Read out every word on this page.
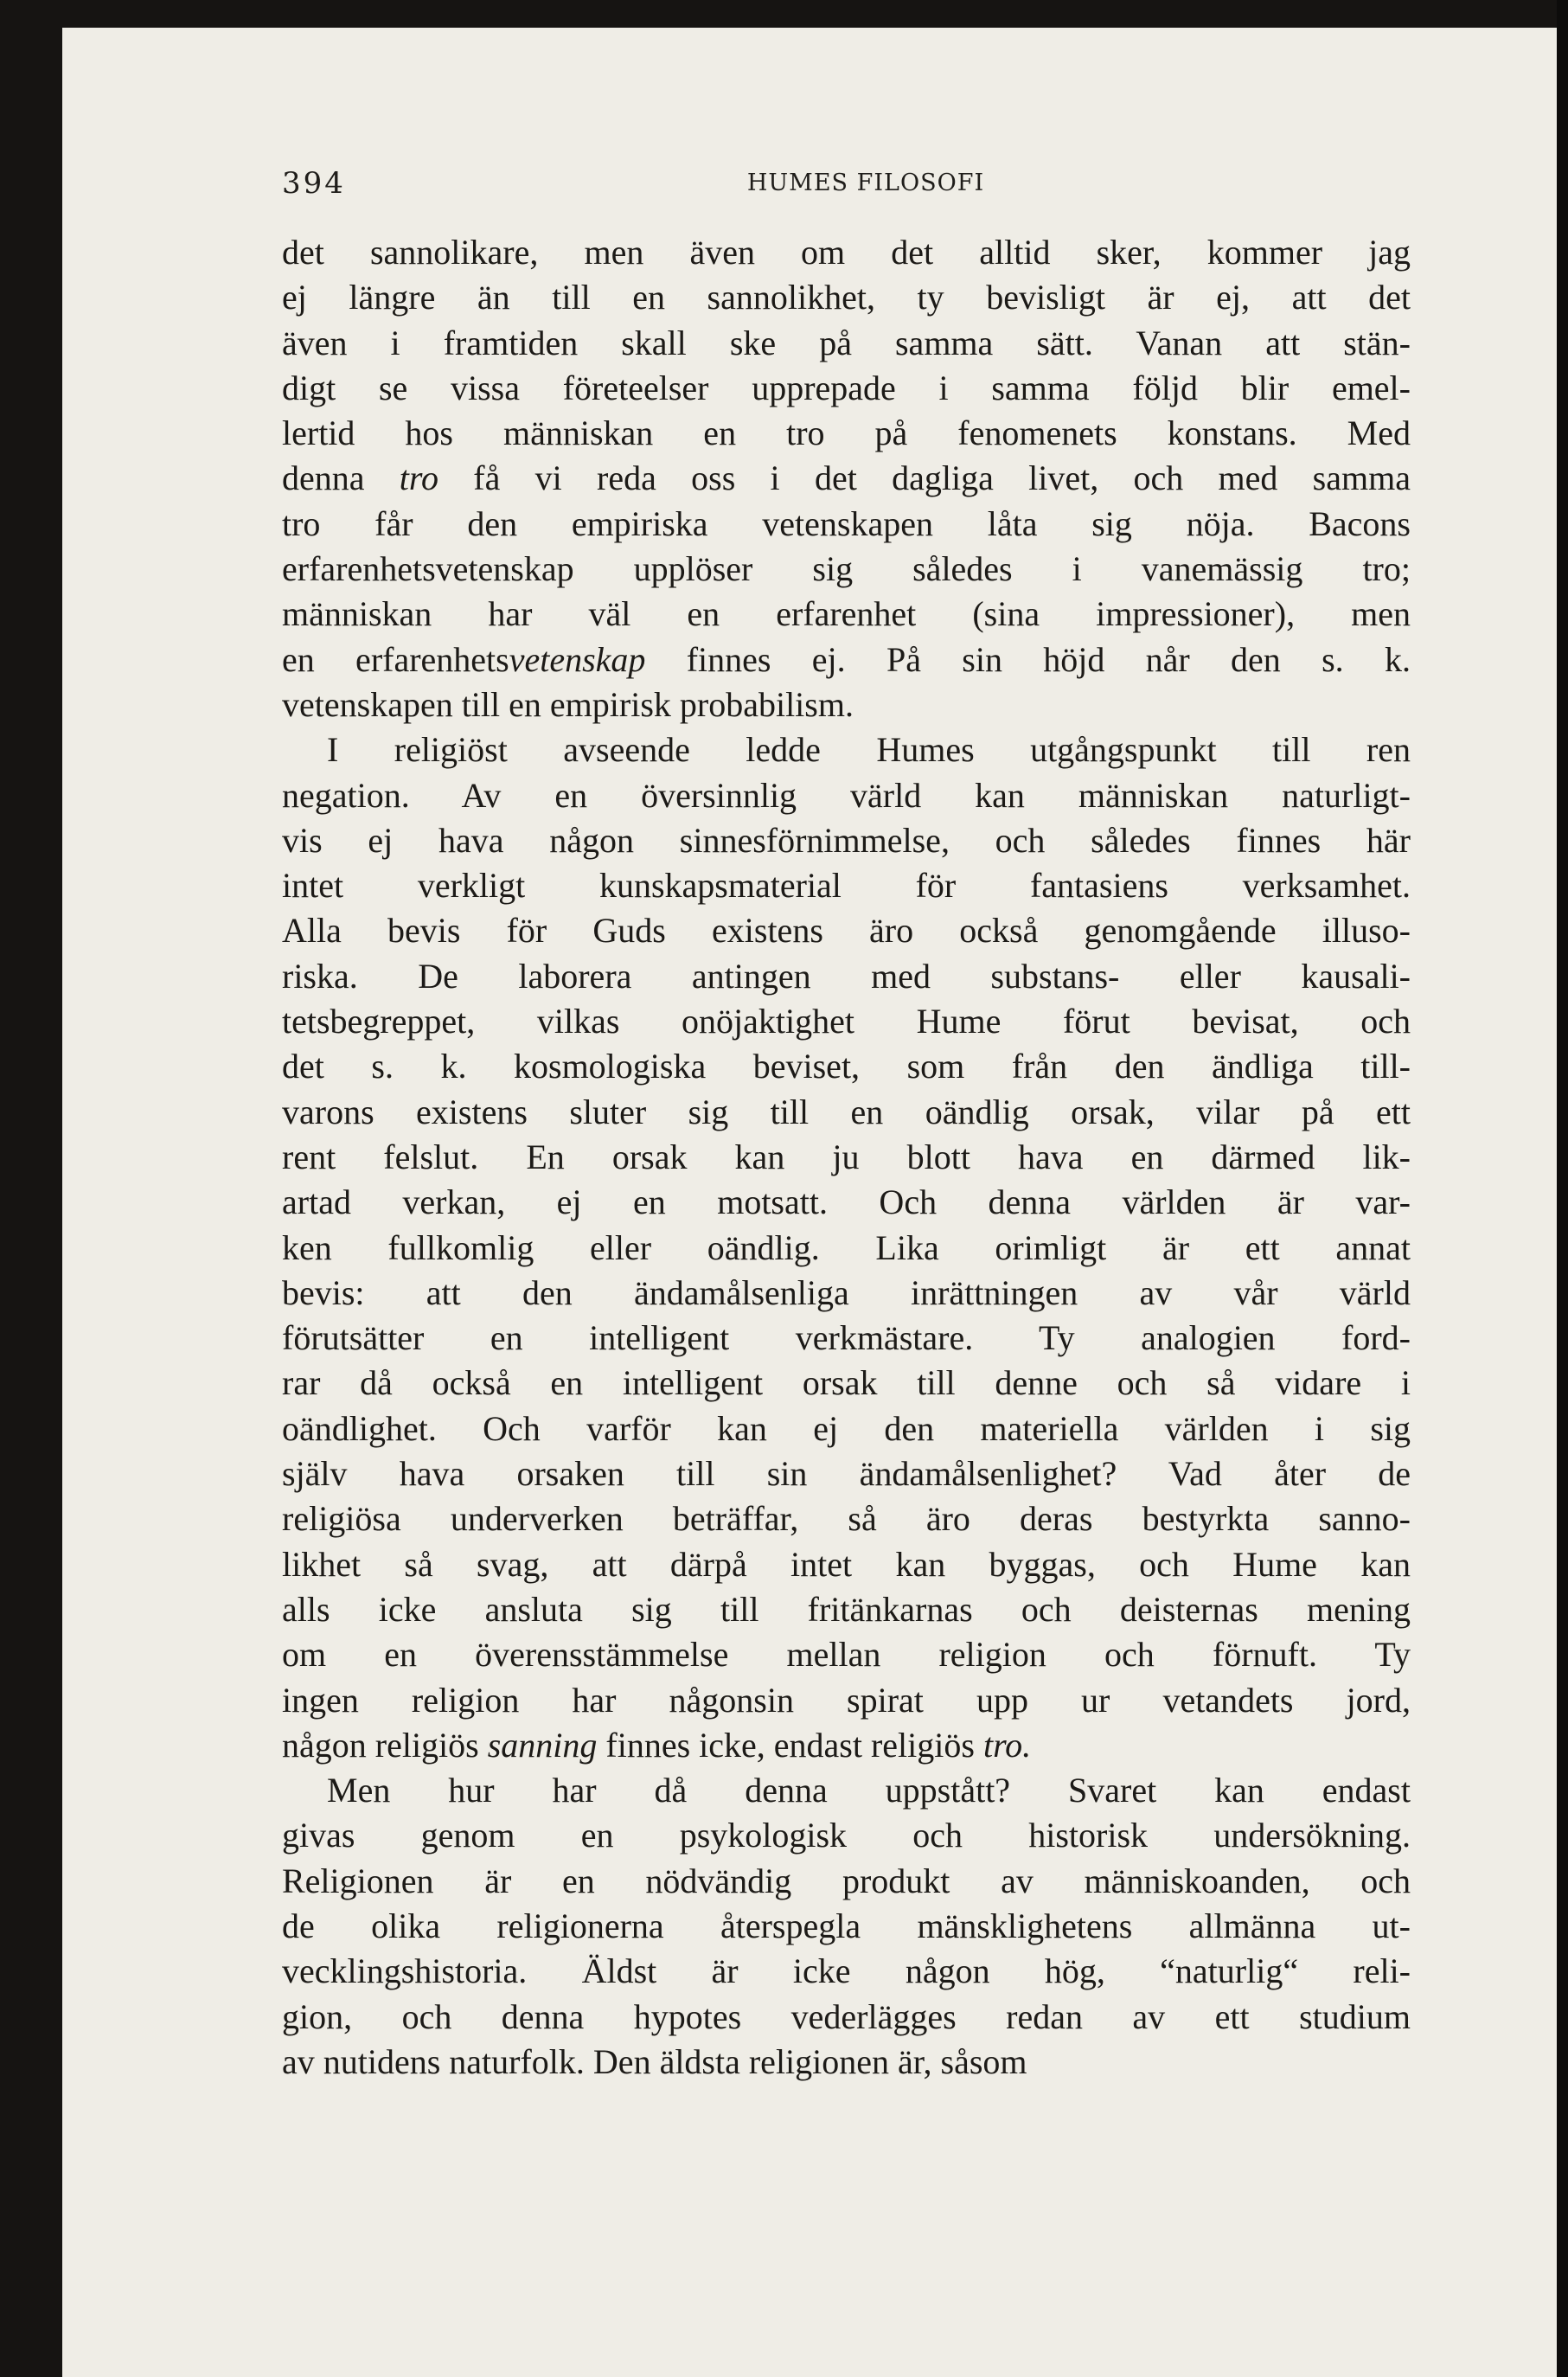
394	HUMES FILOSOFI
det sannolikare, men även om det alltid sker, kommer jag
ej längre än till en sannolikhet, ty bevisligt är ej, att det
även i framtiden skall ske på samma sätt. Vanan att stän-
digt se vissa företeelser upprepade i samma följd blir emel-
lertid hos människan en tro på fenomenets konstans. Med
denna tro få vi reda oss i det dagliga livet, och med samma
tro får den empiriska vetenskapen låta sig nöja. Bacons
erfarenhetsvetenskap upplöser sig således i vanemässig tro;
människan har väl en erfarenhet (sina impressioner), men
en erfarenhetsvetenskap finnes ej. På sin höjd når den s. k.
vetenskapen till en empirisk probabilism.
I religiöst avseende ledde Humes utgångspunkt till ren
negation. Av en översinnlig värld kan människan naturligt-
vis ej hava någon sinnesförnimmelse, och således finnes här
intet verkligt kunskapsmaterial för fantasiens verksamhet.
Alla bevis för Guds existens äro också genomgående illuso-
riska. De laborera antingen med substans- eller kausali-
tetsbegreppet, vilkas onöjaktighet Hume förut bevisat, och
det s. k. kosmologiska beviset, som från den ändliga till-
varons existens sluter sig till en oändlig orsak, vilar på ett
rent felslut. En orsak kan ju blott hava en därmed lik-
artad verkan, ej en motsatt. Och denna världen är var-
ken fullkomlig eller oändlig. Lika orimligt är ett annat
bevis: att den ändamålsenliga inrättningen av vår värld
förutsätter en intelligent verkmästare. Ty analogien ford-
rar då också en intelligent orsak till denne och så vidare i
oändlighet. Och varför kan ej den materiella världen i sig
själv hava orsaken till sin ändamålsenlighet? Vad åter de
religiösa underverken beträffar, så äro deras bestyrkta sanno-
likhet så svag, att därpå intet kan byggas, och Hume kan
alls icke ansluta sig till fritänkarnas och deisternas mening
om en överensstämmelse mellan religion och förnuft. Ty
ingen religion har någonsin spirat upp ur vetandets jord,
någon religiös sanning finnes icke, endast religiös tro.
Men hur har då denna uppstått? Svaret kan endast
givas genom en psykologisk och historisk undersökning.
Religionen är en nödvändig produkt av människoanden, och
de olika religionerna återspegla mänsklighetens allmänna ut-
vecklingshistoria. Äldst är icke någon hög, “naturlig“ reli-
gion, och denna hypotes vederlägges redan av ett studium
av nutidens naturfolk. Den äldsta religionen är, såsom
